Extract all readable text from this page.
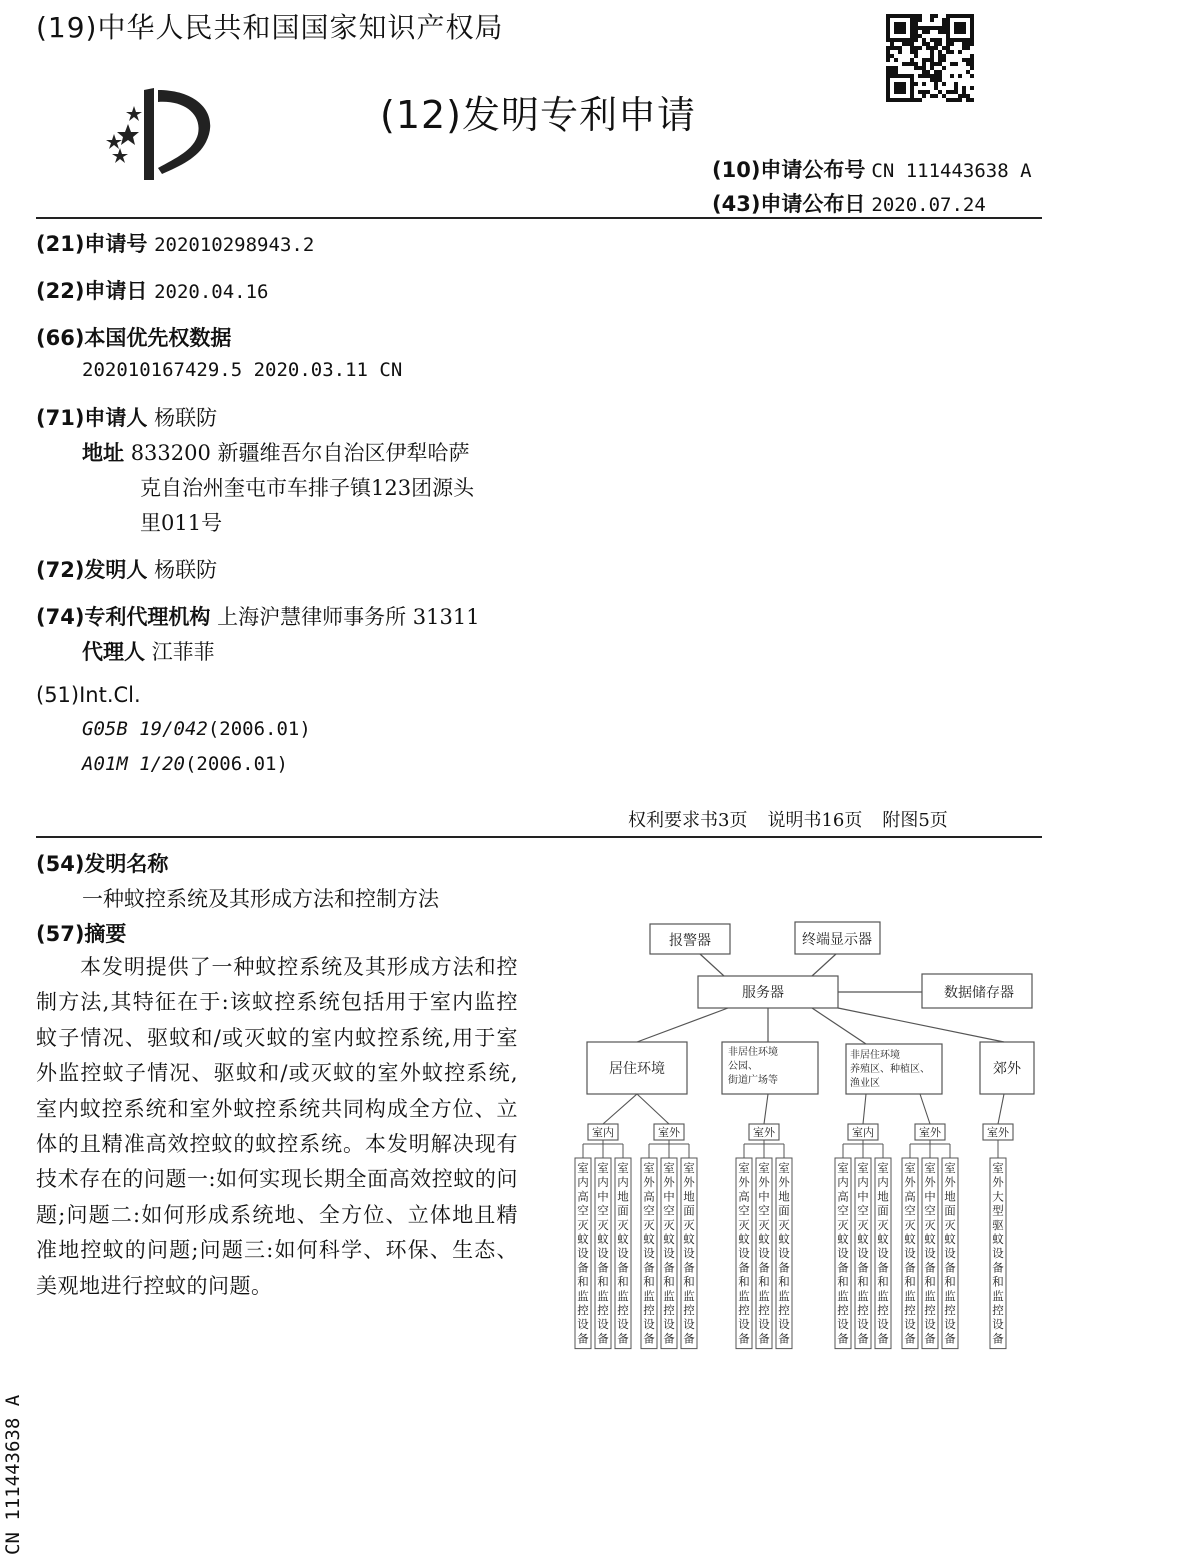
(19)中华人民共和国国家知识产权局
(12)发明专利申请
(10)申请公布号 CN 111443638 A
(43)申请公布日 2020.07.24
(21)申请号 202010298943.2
(22)申请日 2020.04.16
(66)本国优先权数据
202010167429.5 2020.03.11 CN
(71)申请人 杨联防
地址 833200 新疆维吾尔自治区伊犁哈萨
克自治州奎屯市车排子镇123团源头
里011号
(72)发明人 杨联防
(74)专利代理机构 上海沪慧律师事务所 31311
代理人 江菲菲
(51)Int.Cl.
G05B 19/042(2006.01)
A01M 1/20(2006.01)
权利要求书3页 说明书16页 附图5页
(54)发明名称
一种蚊控系统及其形成方法和控制方法
(57)摘要
本发明提供了一种蚊控系统及其形成方法和控制方法,其特征在于:该蚊控系统包括用于室内监控蚊子情况、驱蚊和/或灭蚊的室内蚊控系统,用于室外监控蚊子情况、驱蚊和/或灭蚊的室外蚊控系统,室内蚊控系统和室外蚊控系统共同构成全方位、立体的且精准高效控蚊的蚊控系统。本发明解决现有技术存在的问题一:如何实现长期全面高效控蚊的问题;问题二:如何形成系统地、全方位、立体地且精准地控蚊的问题;问题三:如何科学、环保、生态、美观地进行控蚊的问题。
报警器	终端显示器
服务器	数据储存器
居住环境	郊外
非居住环境
公园、
街道广场等
非居住环境
养殖区、种植区、
渔业区
室内
室内高空灭蚊设备和监控设备
室内中空灭蚊设备和监控设备
室内地面灭蚊设备和监控设备
室外
室外高空灭蚊设备和监控设备
室外中空灭蚊设备和监控设备
室外地面灭蚊设备和监控设备
室外
室外高空灭蚊设备和监控设备
室外中空灭蚊设备和监控设备
室外地面灭蚊设备和监控设备
室内
室内高空灭蚊设备和监控设备
室内中空灭蚊设备和监控设备
室内地面灭蚊设备和监控设备
室外
室外高空灭蚊设备和监控设备
室外中空灭蚊设备和监控设备
室外地面灭蚊设备和监控设备
室外
室外大型驱蚊设备和监控设备
CN 111443638 A
